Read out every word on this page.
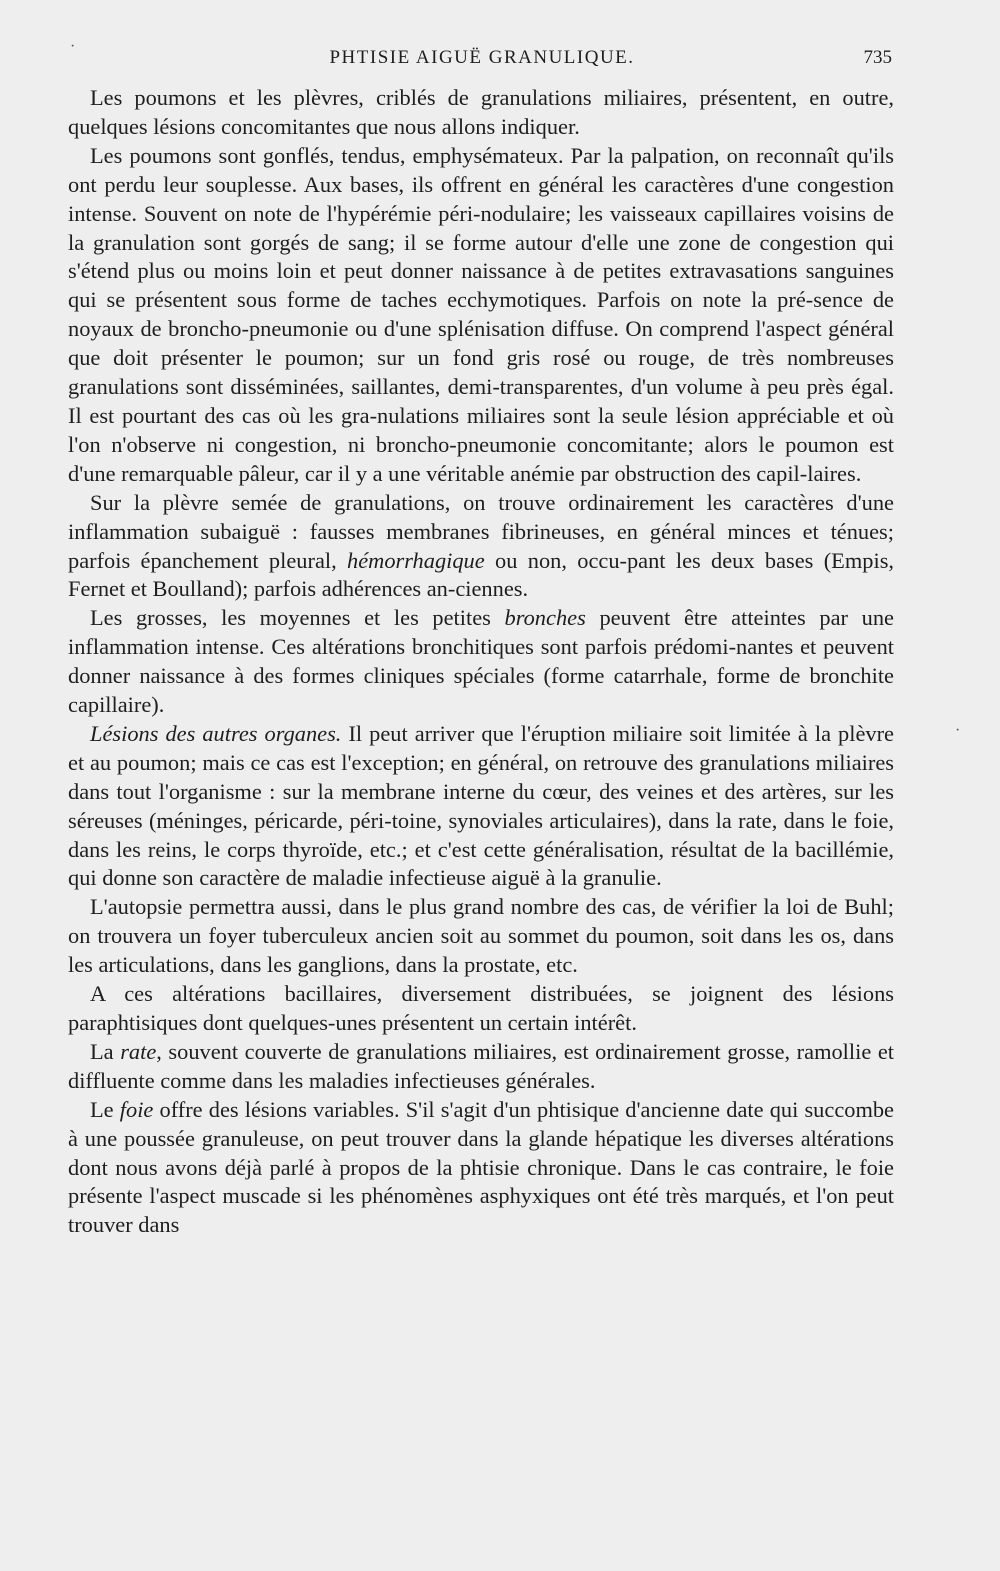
PHTISIE AIGUË GRANULIQUE.	735

Les poumons et les plèvres, criblés de granulations miliaires, présentent, en outre, quelques lésions concomitantes que nous allons indiquer.

Les poumons sont gonflés, tendus, emphysémateux. Par la palpation, on reconnaît qu'ils ont perdu leur souplesse. Aux bases, ils offrent en général les caractères d'une congestion intense. Souvent on note de l'hypérémie péri-nodulaire; les vaisseaux capillaires voisins de la granulation sont gorgés de sang; il se forme autour d'elle une zone de congestion qui s'étend plus ou moins loin et peut donner naissance à de petites extravasations sanguines qui se présentent sous forme de taches ecchymotiques. Parfois on note la pré-sence de noyaux de broncho-pneumonie ou d'une splénisation diffuse. On comprend l'aspect général que doit présenter le poumon; sur un fond gris rosé ou rouge, de très nombreuses granulations sont disséminées, saillantes, demi-transparentes, d'un volume à peu près égal. Il est pourtant des cas où les gra-nulations miliaires sont la seule lésion appréciable et où l'on n'observe ni congestion, ni broncho-pneumonie concomitante; alors le poumon est d'une remarquable pâleur, car il y a une véritable anémie par obstruction des capil-laires.

Sur la plèvre semée de granulations, on trouve ordinairement les caractères d'une inflammation subaiguë : fausses membranes fibrineuses, en général minces et ténues; parfois épanchement pleural, hémorrhagique ou non, occu-pant les deux bases (Empis, Fernet et Boulland); parfois adhérences an-ciennes.

Les grosses, les moyennes et les petites bronches peuvent être atteintes par une inflammation intense. Ces altérations bronchitiques sont parfois prédomi-nantes et peuvent donner naissance à des formes cliniques spéciales (forme catarrhale, forme de bronchite capillaire).

Lésions des autres organes. Il peut arriver que l'éruption miliaire soit limitée à la plèvre et au poumon; mais ce cas est l'exception; en général, on retrouve des granulations miliaires dans tout l'organisme : sur la membrane interne du cœur, des veines et des artères, sur les séreuses (méninges, péricarde, péri-toine, synoviales articulaires), dans la rate, dans le foie, dans les reins, le corps thyroïde, etc.; et c'est cette généralisation, résultat de la bacillémie, qui donne son caractère de maladie infectieuse aiguë à la granulie.

L'autopsie permettra aussi, dans le plus grand nombre des cas, de vérifier la loi de Buhl; on trouvera un foyer tuberculeux ancien soit au sommet du poumon, soit dans les os, dans les articulations, dans les ganglions, dans la prostate, etc.

A ces altérations bacillaires, diversement distribuées, se joignent des lésions paraphtisiques dont quelques-unes présentent un certain intérêt.

La rate, souvent couverte de granulations miliaires, est ordinairement grosse, ramollie et diffluente comme dans les maladies infectieuses générales.

Le foie offre des lésions variables. S'il s'agit d'un phtisique d'ancienne date qui succombe à une poussée granuleuse, on peut trouver dans la glande hépatique les diverses altérations dont nous avons déjà parlé à propos de la phtisie chronique. Dans le cas contraire, le foie présente l'aspect muscade si les phénomènes asphyxiques ont été très marqués, et l'on peut trouver dans

·
·
